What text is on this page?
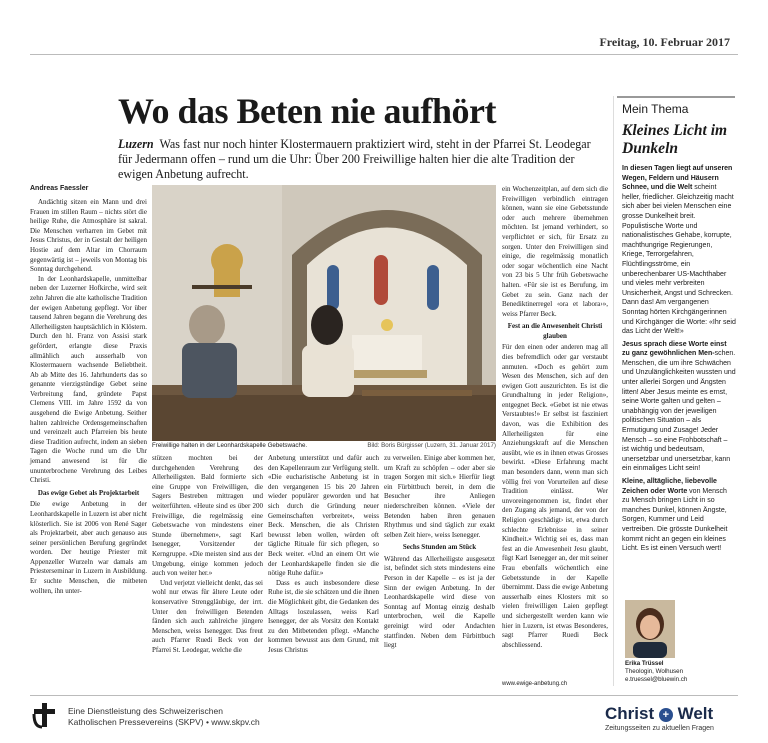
Freitag, 10. Februar 2017
Wo das Beten nie aufhört
Luzern Was fast nur noch hinter Klostermauern praktiziert wird, steht in der Pfarrei St. Leodegar für Jedermann offen – rund um die Uhr: Über 200 Freiwillige halten hier die alte Tradition der ewigen Anbetung aufrecht.
Andreas Faessler

Andächtig sitzen ein Mann und drei Frauen im stillen Raum – nichts stört die heilige Ruhe, die Atmosphäre ist sakral. Die Menschen verharren im Gebet mit Jesus Christus, der in Gestalt der heiligen Hostie auf dem Altar im Chorraum gegenwärtig ist – jeweils von Montag bis Sonntag durchgehend.

In der Leonhardskapelle, unmittelbar neben der Luzerner Hofkirche, wird seit zehn Jahren die alte katholische Tradition der ewigen Anbetung gepflegt. Vor über tausend Jahren begann die Verehrung des Allerheiligsten hauptsächlich in Klöstern. Durch den hl. Franz von Assisi stark gefördert, erlangte diese Praxis allmählich auch ausserhalb von Klostermauern wachsende Beliebtheit. Ab ab Mitte des 16. Jahrhunderts das so genannte vierzigstündige Gebet seine Verbreitung fand, gründete Papst Clemens VIII. im Jahre 1592 da von ausgehend die Ewige Anbetung. Seither halten zahlreiche Ordensgemeinschaften und vereinzelt auch Pfarreien bis heute diese Tradition aufrecht, indem an sieben Tagen die Woche rund um die Uhr jemand anwesend ist für die ununterbrochene Verehrung des Leibes Christi.

Das ewige Gebet als Projektarbeit

Die ewige Anbetung in der Leonhardskapelle in Luzern ist aber nicht klösterlich. Sie ist 2006 von René Sager als Projektarbeit, aber auch genauso aus seiner persönlichen Berufung gegründet worden. Der heutige Priester mit Appenzeller Wurzeln war damals am Priesterseminar in Luzern in Ausbildung. Er suchte Menschen, die mitbeten wollten, ihn unter-

Freiwillige halten in der Leonhardskapelle Gebetswache.	Bild: Boris Bürgisser (Luzern, 31. Januar 2017)

stützen mochten bei der durchgehenden Verehrung des Allerheiligsten. Bald formierte sich eine Gruppe von Freiwilligen, die Sagers Bestreben mittragen und weiterführten. «Heute sind es über 200 Freiwillige, die regelmässig eine Gebetswache von mindestens einer Stunde übernehmen», sagt Karl Isenegger, Vorsitzender der Kerngruppe. «Die meisten sind aus der Umgebung, einige kommen jedoch auch von weiter her.»

Und verjetzt vielleicht denkt, das sei wohl nur etwas für ältere Leute oder konservative Strenggläubige, der irrt. Unter den freiwilligen Betenden fänden sich auch zahlreiche jüngere Menschen, weiss Isenegger. Das freut auch Pfarrer Ruedi Beck von der Pfarrei St. Leodegar, welche die

Anbetung unterstützt und dafür auch den Kapellenraum zur Verfügung stellt. «Die eucharistische Anbetung ist in den vergangenen 15 bis 20 Jahren wieder populärer geworden und hat sich durch die Gründung neuer Gemeinschaften verbreitet», weiss Beck. Menschen, die als Christen bewusst leben wollen, würden oft tägliche Rituale für sich pflegen, so Beck weiter. «Und an einem Ort wie der Leonhardskapelle finden sie die nötige Ruhe dafür.»

Dass es auch insbesondere diese Ruhe ist, die sie schätzen und die ihnen die Möglichkeit gibt, die Gedanken des Alltags loszulassen, weiss Karl Isenegger, der als Vorsitz den Kontakt zu den Mitbetenden pflegt. «Manche kommen bewusst aus dem Grund, mit Jesus Christus

zu verweilen. Einige aber kommen her, um Kraft zu schöpfen – oder aber sie tragen Sorgen mit sich.» Hierfür liegt ein Fürbittbuch bereit, in dem die Besucher ihre Anliegen niederschreiben können. «Viele der Betenden haben ihren genauen Rhythmus und sind täglich zur exakt selben Zeit hier», weiss Isenegger.

Sechs Stunden am Stück

Während das Allerheiligste ausgesetzt ist, befindet sich stets mindestens eine Person in der Kapelle – es ist ja der Sinn der ewigen Anbetung. In der Leonhardskapelle wird diese von Sonntag auf Montag einzig deshalb unterbrochen, weil die Kapelle gereinigt wird oder Andachten stattfinden. Neben dem Fürbittbuch liegt

ein Wochenzeitplan, auf dem sich die Freiwilligen verbindlich eintragen können, wann sie eine Gebetsstunde oder auch mehrere übernehmen möchten. Ist jemand verhindert, so verpflichtet er sich, für Ersatz zu sorgen. Unter den Freiwilligen sind einige, die regelmässig monatlich oder sogar wöchentlich eine Nacht von 23 bis 5 Uhr früh Gebetswache halten. «Für sie ist es Berufung, im Gebet zu sein. Ganz nach der Benediktinerregel ‹ora et labora›», weiss Pfarrer Beck.

Fest an die Anwesenheit Christi glauben

Für den einen oder anderen mag all dies befremdlich oder gar verstaubt anmuten. «Doch es gehört zum Wesen des Menschen, sich auf den ewigen Gott auszurichten. Es ist die Grundhaltung in jeder Religion», entgegnet Beck. «Gebet ist nie etwas Verstaubtes!» Er selbst ist fasziniert davon, was die Exhibition des Allerheiligsten für eine Anziehungskraft auf die Menschen ausübt, wie es in ihnen etwas Grosses bewirkt. «Diese Erfahrung macht man besonders dann, wenn man sich völlig frei von Vorurteilen auf diese Tradition einlässt. Wer unvoreingenommen ist, findet eher den Zugang als jemand, der von der Religion ‹geschädigt› ist, etwa durch schlechte Erlebnisse in seiner Kindheit.» Wichtig sei es, dass man fest an die Anwesenheit Jesu glaubt, fügt Karl Isenegger an, der mit seiner Frau ebenfalls wöchentlich eine Gebetsstunde in der Kapelle übernimmt. Dass die ewige Anbetung ausserhalb eines Klosters mit so vielen freiwilligen Laien gepflegt und sichergestellt werden kann wie hier in Luzern, ist etwas Besonderes, sagt Pfarrer Ruedi Beck abschliessend.

www.ewige-anbetung.ch
Mein Thema
Kleines Licht im Dunkeln

In diesen Tagen liegt auf unseren Wegen, Feldern und Häusern Schnee, und die Welt scheint heller, friedlicher. Gleichzeitig macht sich aber bei vielen Menschen eine grosse Dunkelheit breit. Populistische Worte und nationalistisches Gehabe, korrupte, machthungrige Regierungen, Kriege, Terrorgefahren, Flüchtlingsströme, ein unberechenbarer US-Machthaber und vieles mehr verbreiten Unsicherheit, Angst und Schrecken. Dann das! Am vergangenen Sonntag hörten Kirchgängerinnen und Kirchgänger die Worte: «Ihr seid das Licht der Welt!»

Jesus sprach diese Worte einst zu ganz gewöhnlichen Men-schen. Menschen, die um ihre Schwächen und Unzulänglichkeiten wussten und unter allerlei Sorgen und Ängsten litten! Aber Jesus meinte es ernst, seine Worte galten und gelten – unabhängig von der jeweiligen politischen Situation – als Ermutigung und Zusage! Jeder Mensch – so eine Frohbotschaft – ist wichtig und bedeutsam, unersetzbar und unersetzbar, kann ein einmaliges Licht sein!

Kleine, alltägliche, liebevolle Zeichen oder Worte von Mensch zu Mensch bringen Licht in so manches Dunkel, können Ängste, Sorgen, Kummer und Leid vertreiben. Die grösste Dunkelheit kommt nicht an gegen ein kleines Licht. Es ist einen Versuch wert!

Erika Trüssel
Theologin, Wolhusen
e.truessel@bluewin.ch
Eine Dienstleistung des Schweizerischen
Katholischen Pressevereins (SKPV) • www.skpv.ch	Christ + Welt
Zeitungsseiten zu aktuellen Fragen
